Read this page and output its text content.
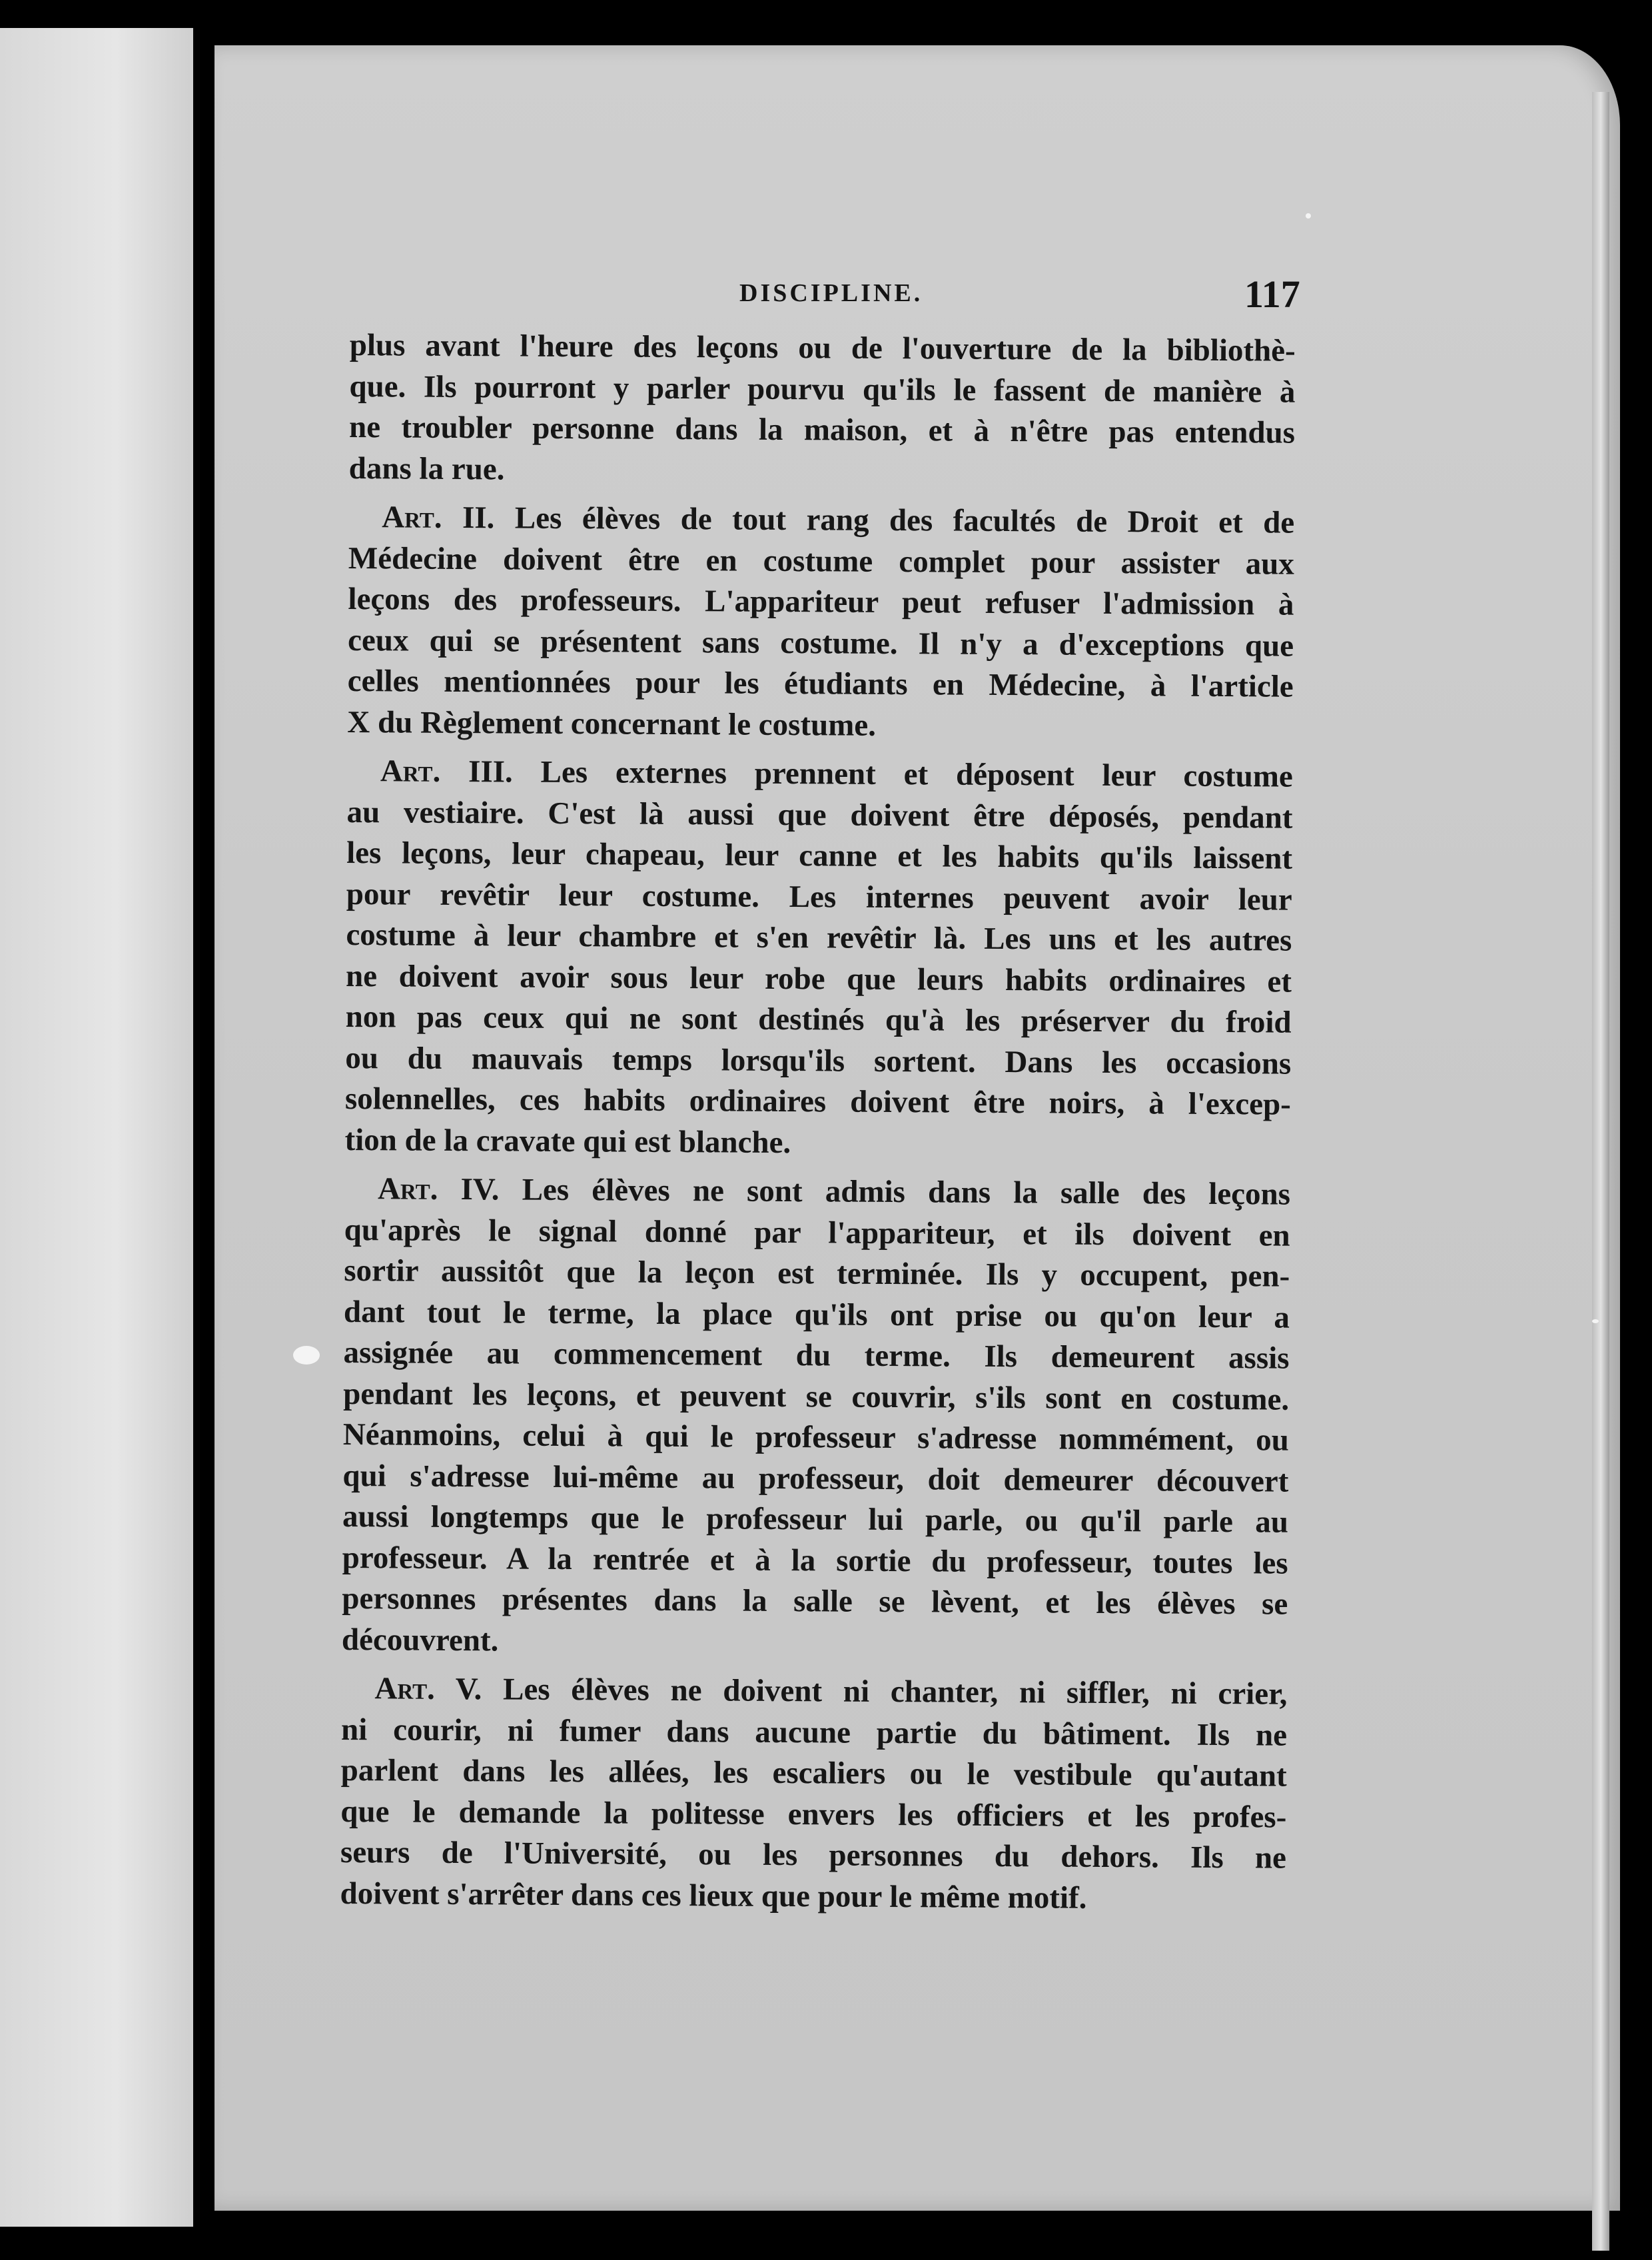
DISCIPLINE.	117
plus avant l'heure des leçons ou de l'ouverture de la bibliothè-
que. Ils pourront y parler pourvu qu'ils le fassent de manière à
ne troubler personne dans la maison, et à n'être pas entendus
dans la rue.
Art. II. Les élèves de tout rang des facultés de Droit et de
Médecine doivent être en costume complet pour assister aux
leçons des professeurs. L'appariteur peut refuser l'admission à
ceux qui se présentent sans costume. Il n'y a d'exceptions que
celles mentionnées pour les étudiants en Médecine, à l'article
X du Règlement concernant le costume.
Art. III. Les externes prennent et déposent leur costume
au vestiaire. C'est là aussi que doivent être déposés, pendant
les leçons, leur chapeau, leur canne et les habits qu'ils laissent
pour revêtir leur costume. Les internes peuvent avoir leur
costume à leur chambre et s'en revêtir là. Les uns et les autres
ne doivent avoir sous leur robe que leurs habits ordinaires et
non pas ceux qui ne sont destinés qu'à les préserver du froid
ou du mauvais temps lorsqu'ils sortent. Dans les occasions
solennelles, ces habits ordinaires doivent être noirs, à l'excep-
tion de la cravate qui est blanche.
Art. IV. Les élèves ne sont admis dans la salle des leçons
qu'après le signal donné par l'appariteur, et ils doivent en
sortir aussitôt que la leçon est terminée. Ils y occupent, pen-
dant tout le terme, la place qu'ils ont prise ou qu'on leur a
assignée au commencement du terme. Ils demeurent assis
pendant les leçons, et peuvent se couvrir, s'ils sont en costume.
Néanmoins, celui à qui le professeur s'adresse nommément, ou
qui s'adresse lui-même au professeur, doit demeurer découvert
aussi longtemps que le professeur lui parle, ou qu'il parle au
professeur. A la rentrée et à la sortie du professeur, toutes les
personnes présentes dans la salle se lèvent, et les élèves se
découvrent.
Art. V. Les élèves ne doivent ni chanter, ni siffler, ni crier,
ni courir, ni fumer dans aucune partie du bâtiment. Ils ne
parlent dans les allées, les escaliers ou le vestibule qu'autant
que le demande la politesse envers les officiers et les profes-
seurs de l'Université, ou les personnes du dehors. Ils ne
doivent s'arrêter dans ces lieux que pour le même motif.
